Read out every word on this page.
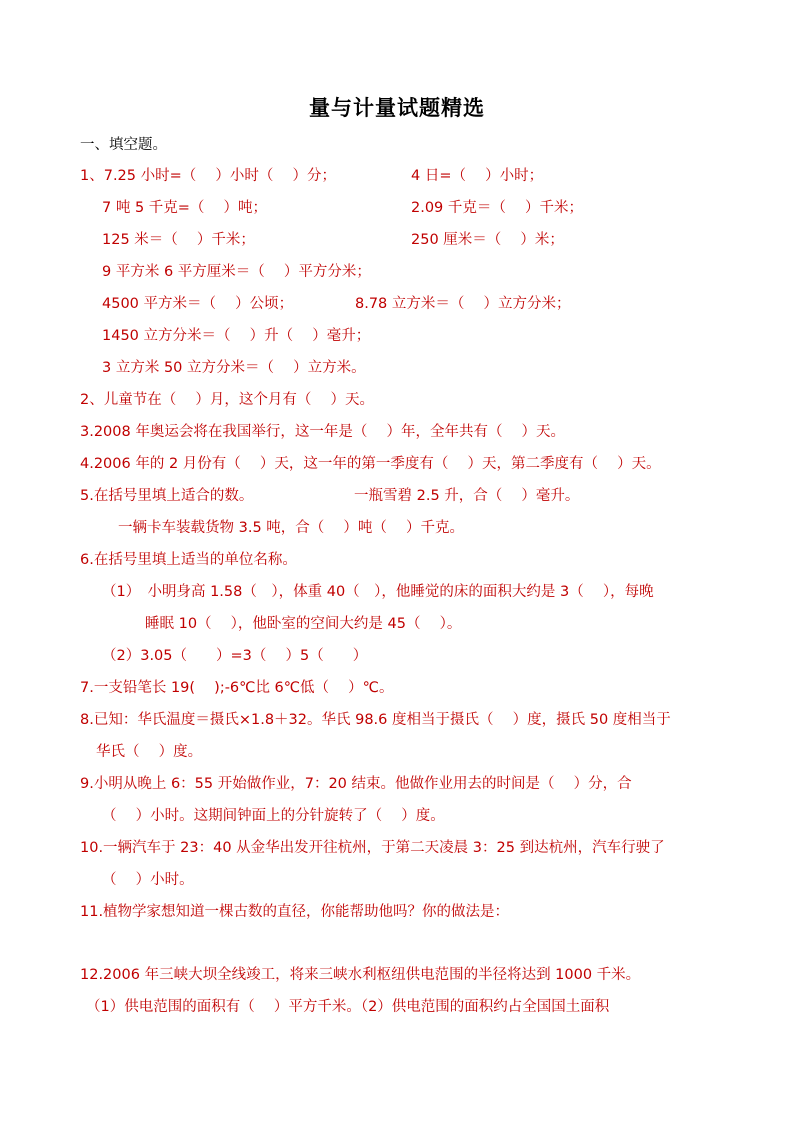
量与计量试题精选
一、填空题。
1、7.25 小时=（　 ）小时（　 ）分；	4 日=（　 ）小时；
7 吨 5 千克=（　 ）吨；	2.09 千克＝（　 ）千米；
125 米＝（　 ）千米；	250 厘米＝（　 ）米；
9 平方米 6 平方厘米＝（　 ）平方分米；
4500 平方米＝（　 ）公顷；	8.78 立方米＝（　 ）立方分米；
1450 立方分米＝（　 ）升（　 ）毫升；
3 立方米 50 立方分米＝（　 ）立方米。
2、儿童节在（　 ）月，这个月有（　 ）天。
3.2008 年奥运会将在我国举行，这一年是（　 ）年，全年共有（　 ）天。
4.2006 年的 2 月份有（　 ）天，这一年的第一季度有（　 ）天，第二季度有（　 ）天。
5.在括号里填上适合的数。	一瓶雪碧 2.5 升，合（　 ）毫升。
一辆卡车装载货物 3.5 吨，合（　 ）吨（　 ）千克。
6.在括号里填上适当的单位名称。
（1）　小明身高 1.58（　），体重 40（　），他睡觉的床的面积大约是 3（　 ），每晚
睡眠 10（　 ），他卧室的空间大约是 45（　 ）。
（2）3.05（　　）=3（　 ）5（　　）
7.一支铅笔长 19(　 );-6℃比 6℃低（　 ）℃。
8.已知：华氏温度＝摄氏×1.8＋32。华氏 98.6 度相当于摄氏（　 ）度，摄氏 50 度相当于
华氏（　 ）度。
9.小明从晚上 6：55 开始做作业，7：20 结束。他做作业用去的时间是（　 ）分，合
（　 ）小时。这期间钟面上的分针旋转了（　 ）度。
10.一辆汽车于 23：40 从金华出发开往杭州，于第二天凌晨 3：25 到达杭州，汽车行驶了
（　 ）小时。
11.植物学家想知道一棵古数的直径，你能帮助他吗？你的做法是：
12.2006 年三峡大坝全线竣工，将来三峡水利枢纽供电范围的半径将达到 1000 千米。
（1）供电范围的面积有（　 ）平方千米。（2）供电范围的面积约占全国国土面积
